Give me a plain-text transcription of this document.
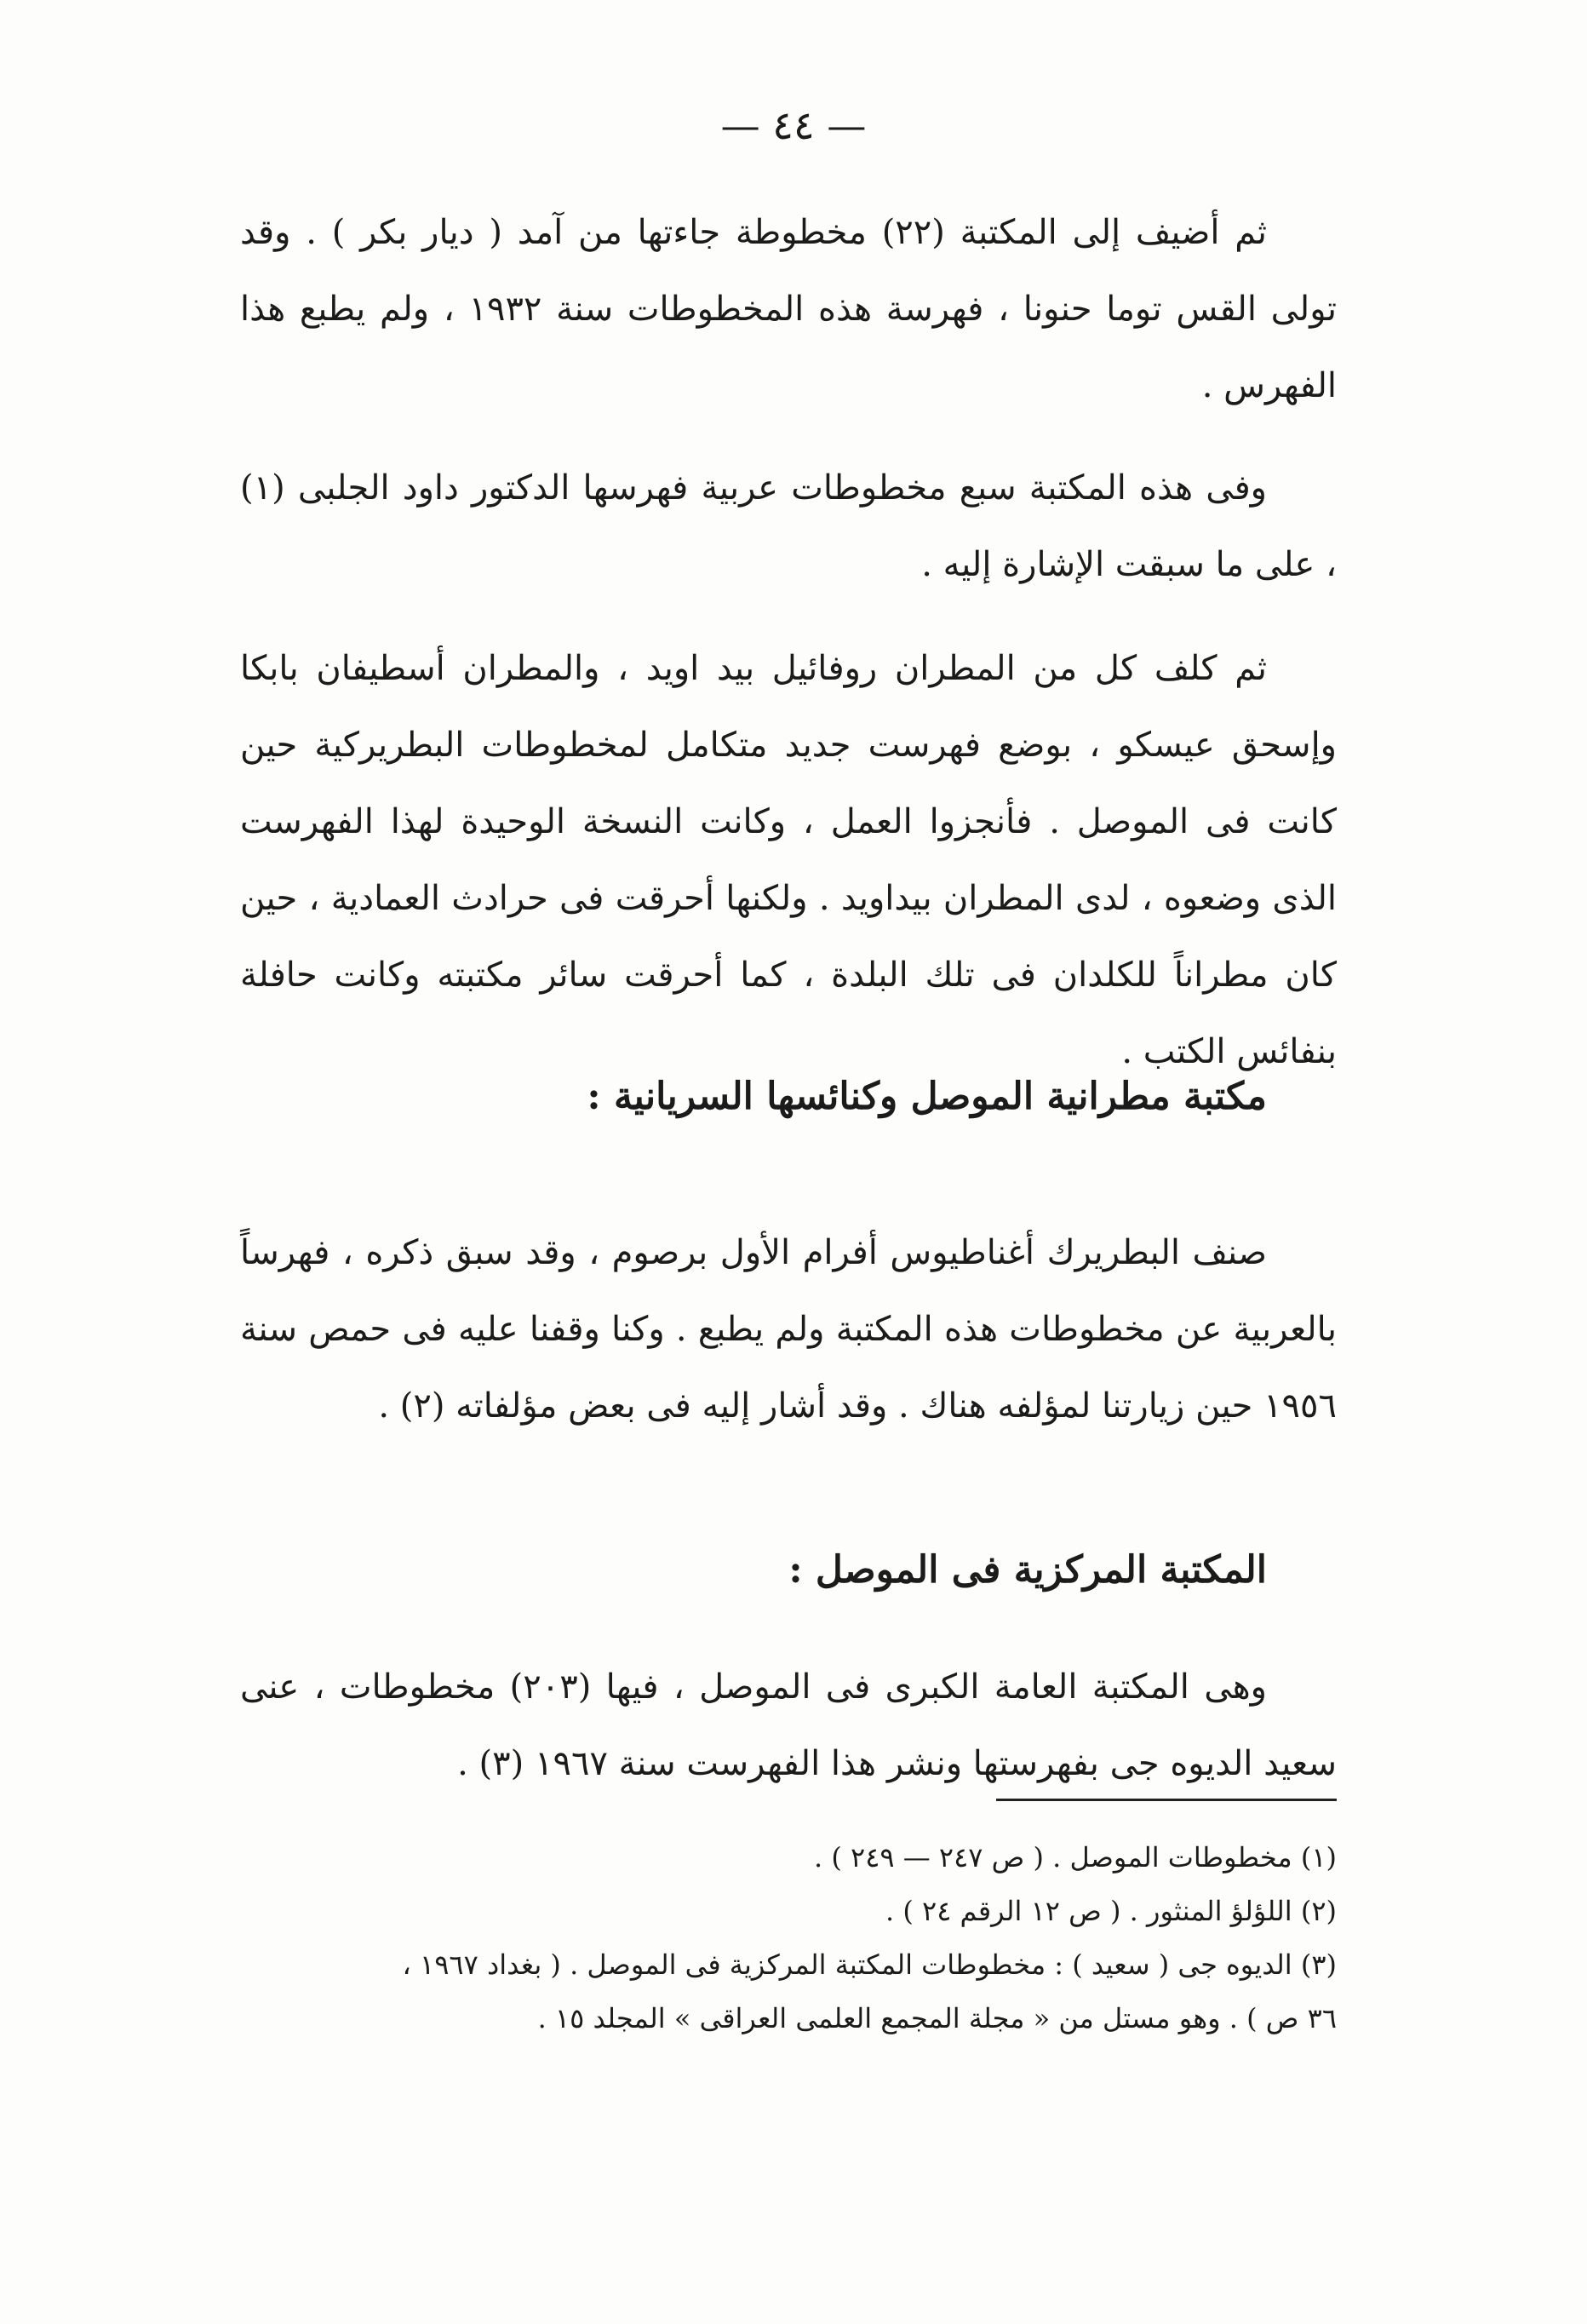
— ٤٤ —

ثم أضيف إلى المكتبة (٢٢) مخطوطة جاءتها من آمد ( ديار بكر ) . وقد تولى القس توما حنونا ، فهرسة هذه المخطوطات سنة ١٩٣٢ ، ولم يطبع هذا الفهرس .

وفى هذه المكتبة سبع مخطوطات عربية فهرسها الدكتور داود الجلبى (١) ، على ما سبقت الإشارة إليه .

ثم كلف كل من المطران روفائيل بيد اويد ، والمطران أسطيفان بابكا وإسحق عيسكو ، بوضع فهرست جديد متكامل لمخطوطات البطريركية حين كانت فى الموصل . فأنجزوا العمل ، وكانت النسخة الوحيدة لهذا الفهرست الذى وضعوه ، لدى المطران بيداويد . ولكنها أحرقت فى حرادث العمادية ، حين كان مطراناً للكلدان فى تلك البلدة ، كما أحرقت سائر مكتبته وكانت حافلة بنفائس الكتب .

مكتبة مطرانية الموصل وكنائسها السريانية :

صنف البطريرك أغناطيوس أفرام الأول برصوم ، وقد سبق ذكره ، فهرساً بالعربية عن مخطوطات هذه المكتبة ولم يطبع . وكنا وقفنا عليه فى حمص سنة ١٩٥٦ حين زيارتنا لمؤلفه هناك . وقد أشار إليه فى بعض مؤلفاته (٢) .

المكتبة المركزية فى الموصل :

وهى المكتبة العامة الكبرى فى الموصل ، فيها (٢٠٣) مخطوطات ، عنى سعيد الديوه جى بفهرستها ونشر هذا الفهرست سنة ١٩٦٧ (٣) .

(١) مخطوطات الموصل . ( ص ٢٤٧ — ٢٤٩ ) .

(٢) اللؤلؤ المنثور . ( ص ١٢ الرقم ٢٤ ) .

(٣) الديوه جى ( سعيد ) : مخطوطات المكتبة المركزية فى الموصل . ( بغداد ١٩٦٧ ،

٣٦ ص ) . وهو مستل من « مجلة المجمع العلمى العراقى » المجلد ١٥ .
